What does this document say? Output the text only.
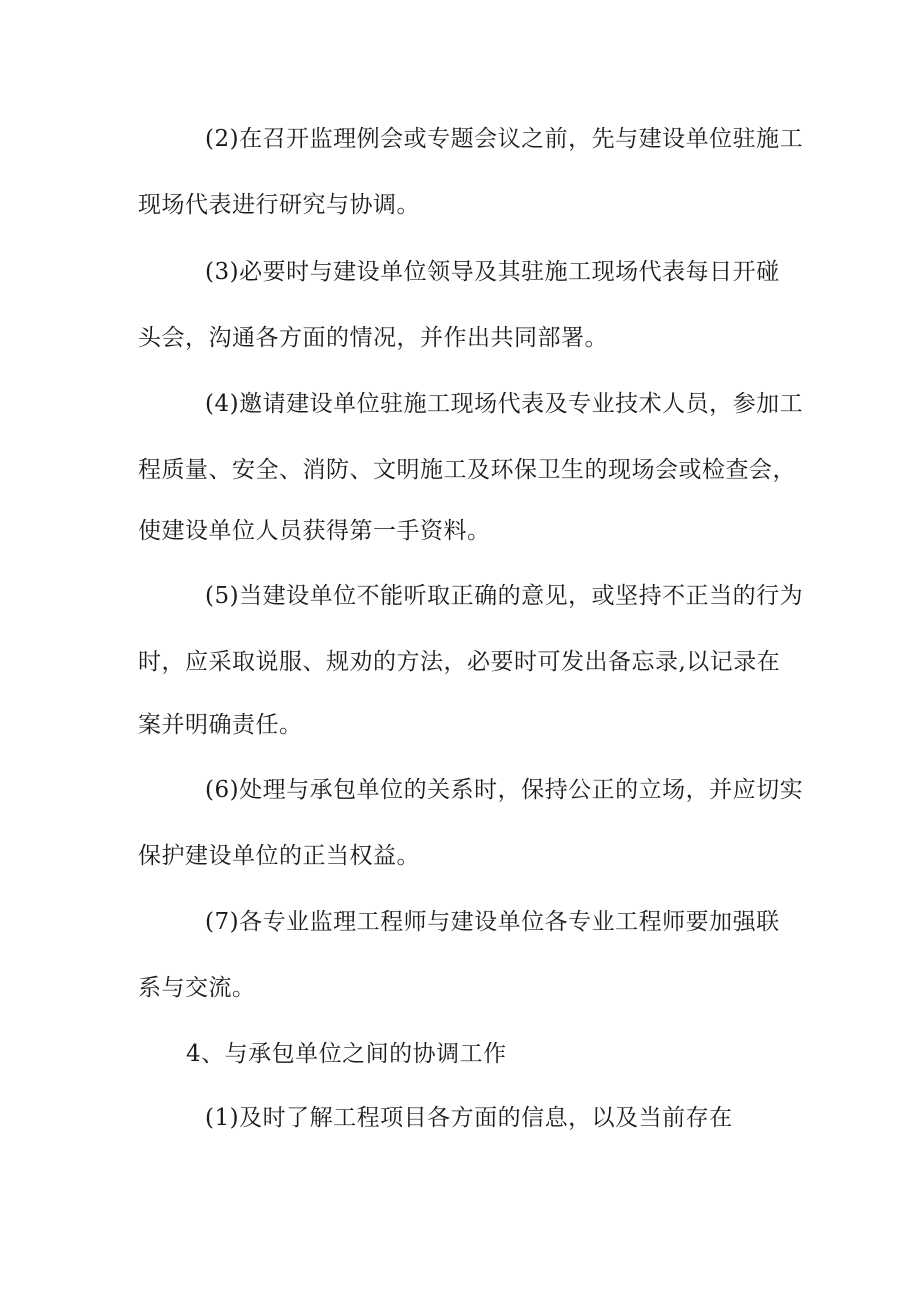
(2)在召开监理例会或专题会议之前，先与建设单位驻施工

现场代表进行研究与协调。

(3)必要时与建设单位领导及其驻施工现场代表每日开碰

头会，沟通各方面的情况，并作出共同部署。

(4)邀请建设单位驻施工现场代表及专业技术人员，参加工

程质量、安全、消防、文明施工及环保卫生的现场会或检查会，

使建设单位人员获得第一手资料。

(5)当建设单位不能听取正确的意见，或坚持不正当的行为

时，应采取说服、规劝的方法，必要时可发出备忘录,以记录在

案并明确责任。

(6)处理与承包单位的关系时，保持公正的立场，并应切实

保护建设单位的正当权益。

(7)各专业监理工程师与建设单位各专业工程师要加强联

系与交流。

4、与承包单位之间的协调工作

(1)及时了解工程项目各方面的信息，以及当前存在
